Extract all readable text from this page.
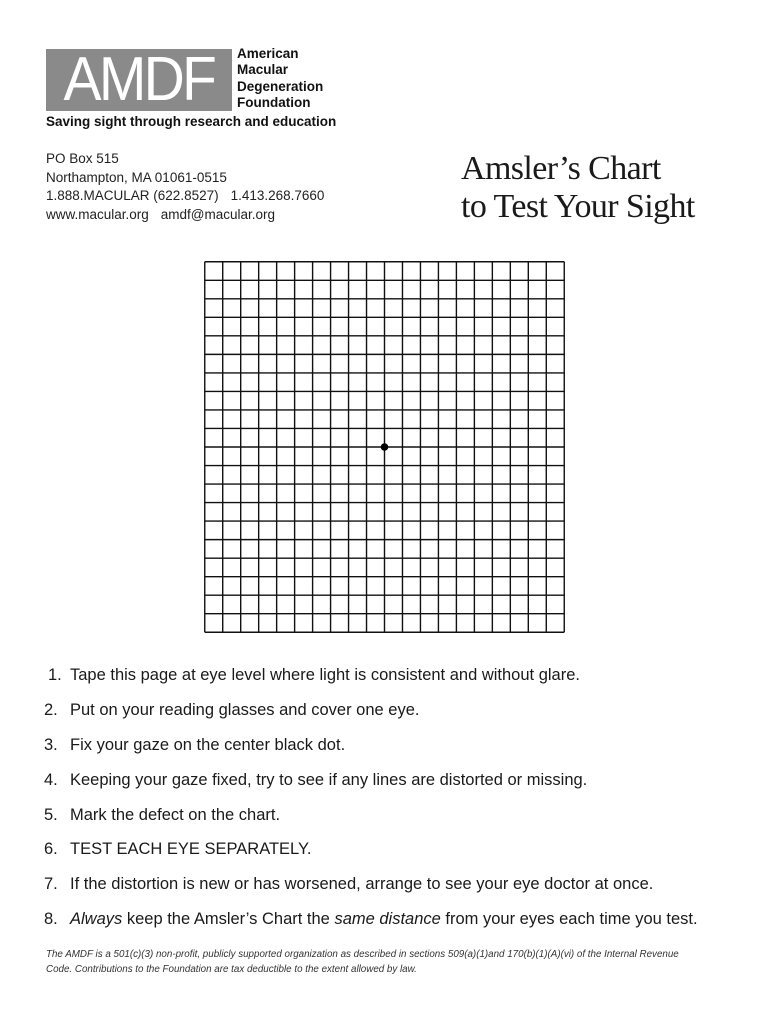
AMDF American
Macular
Degeneration
Foundation
Saving sight through research and education
PO Box 515
Northampton, MA 01061-0515
1.888.MACULAR (622.8527) 1.413.268.7660
www.macular.org amdf@macular.org
Amsler’s Chart
to Test Your Sight
1. Tape this page at eye level where light is consistent and without glare.
2. Put on your reading glasses and cover one eye.
3. Fix your gaze on the center black dot.
4. Keeping your gaze fixed, try to see if any lines are distorted or missing.
5. Mark the defect on the chart.
6. TEST EACH EYE SEPARATELY.
7. If the distortion is new or has worsened, arrange to see your eye doctor at once.
8. Always keep the Amsler’s Chart the same distance from your eyes each time you test.
The AMDF is a 501(c)(3) non-profit, publicly supported organization as described in sections 509(a)(1)and 170(b)(1)(A)(vi) of the Internal Revenue
Code. Contributions to the Foundation are tax deductible to the extent allowed by law.
